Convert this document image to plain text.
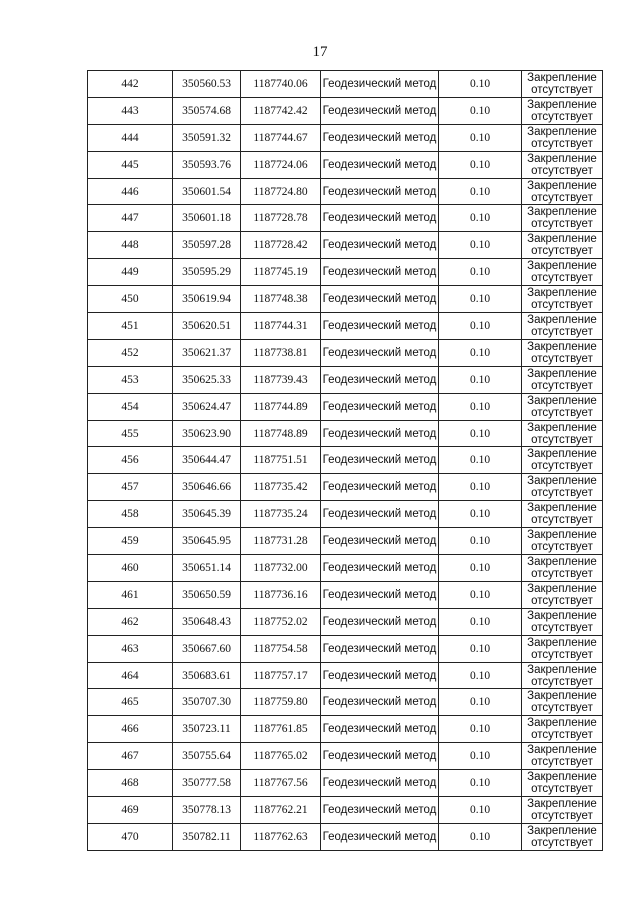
17
442	350560.53	1187740.06	Геодезический метод	0.10	Закрепление
отсутствует

443	350574.68	1187742.42	Геодезический метод	0.10	Закрепление
отсутствует

444	350591.32	1187744.67	Геодезический метод	0.10	Закрепление
отсутствует

445	350593.76	1187724.06	Геодезический метод	0.10	Закрепление
отсутствует

446	350601.54	1187724.80	Геодезический метод	0.10	Закрепление
отсутствует

447	350601.18	1187728.78	Геодезический метод	0.10	Закрепление
отсутствует

448	350597.28	1187728.42	Геодезический метод	0.10	Закрепление
отсутствует

449	350595.29	1187745.19	Геодезический метод	0.10	Закрепление
отсутствует

450	350619.94	1187748.38	Геодезический метод	0.10	Закрепление
отсутствует

451	350620.51	1187744.31	Геодезический метод	0.10	Закрепление
отсутствует

452	350621.37	1187738.81	Геодезический метод	0.10	Закрепление
отсутствует

453	350625.33	1187739.43	Геодезический метод	0.10	Закрепление
отсутствует

454	350624.47	1187744.89	Геодезический метод	0.10	Закрепление
отсутствует

455	350623.90	1187748.89	Геодезический метод	0.10	Закрепление
отсутствует

456	350644.47	1187751.51	Геодезический метод	0.10	Закрепление
отсутствует

457	350646.66	1187735.42	Геодезический метод	0.10	Закрепление
отсутствует

458	350645.39	1187735.24	Геодезический метод	0.10	Закрепление
отсутствует

459	350645.95	1187731.28	Геодезический метод	0.10	Закрепление
отсутствует

460	350651.14	1187732.00	Геодезический метод	0.10	Закрепление
отсутствует

461	350650.59	1187736.16	Геодезический метод	0.10	Закрепление
отсутствует

462	350648.43	1187752.02	Геодезический метод	0.10	Закрепление
отсутствует

463	350667.60	1187754.58	Геодезический метод	0.10	Закрепление
отсутствует

464	350683.61	1187757.17	Геодезический метод	0.10	Закрепление
отсутствует

465	350707.30	1187759.80	Геодезический метод	0.10	Закрепление
отсутствует

466	350723.11	1187761.85	Геодезический метод	0.10	Закрепление
отсутствует

467	350755.64	1187765.02	Геодезический метод	0.10	Закрепление
отсутствует

468	350777.58	1187767.56	Геодезический метод	0.10	Закрепление
отсутствует

469	350778.13	1187762.21	Геодезический метод	0.10	Закрепление
отсутствует

470	350782.11	1187762.63	Геодезический метод	0.10	Закрепление
отсутствует
